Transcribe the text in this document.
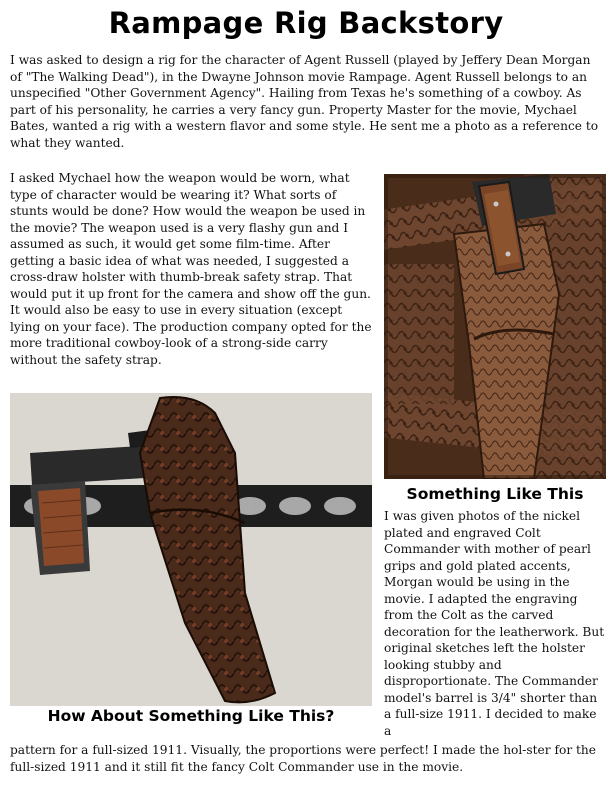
Rampage Rig Backstory

I was asked to design a rig for the character of Agent Russell (played by Jeffery Dean Morgan of "The Walking Dead"), in the Dwayne Johnson movie Rampage. Agent Russell belongs to an unspecified "Other Government Agency". Hailing from Texas he's something of a cowboy. As part of his personality, he carries a very fancy gun. Property Master for the movie, Mychael Bates, wanted a rig with a western flavor and some style. He sent me a photo as a reference to what they wanted.

I asked Mychael how the weapon would be worn, what type of character would be wearing it? What sorts of stunts would be done? How would the weapon be used in the movie? The weapon used is a very flashy gun and I assumed as such, it would get some film-time. After getting a basic idea of what was needed, I suggested a cross-draw holster with thumb-break safety strap. That would put it up front for the camera and show off the gun. It would also be easy to use in every situation (except lying on your face). The production company opted for the more traditional cowboy-look of a strong-side carry without the safety strap.

Something Like This
How About Something Like This?

I was given photos of the nickel plated and engraved Colt Commander with mother of pearl grips and gold plated accents, Morgan would be using in the movie. I adapted the engraving from the Colt as the carved decoration for the leatherwork. But original sketches left the holster looking stubby and disproportionate. The Commander model's barrel is 3/4" shorter than a full-size 1911. I decided to make a

pattern for a full-sized 1911. Visually, the proportions were perfect! I made the hol-ster for the full-sized 1911 and it still fit the fancy Colt Commander use in the movie.
